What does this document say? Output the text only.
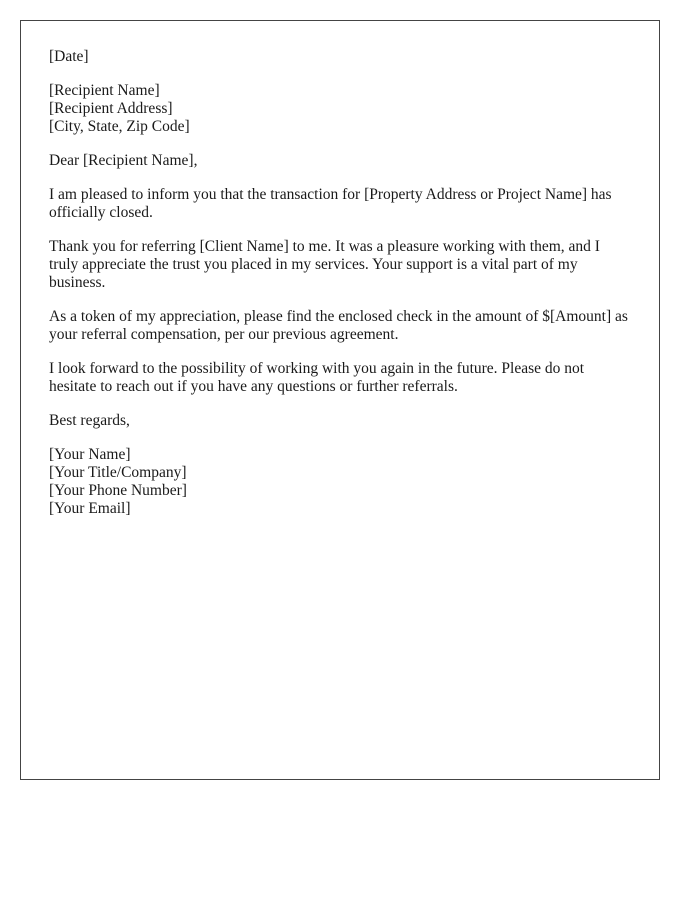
[Date]

[Recipient Name]
[Recipient Address]
[City, State, Zip Code]

Dear [Recipient Name],

I am pleased to inform you that the transaction for [Property Address or Project Name] has officially closed.

Thank you for referring [Client Name] to me. It was a pleasure working with them, and I truly appreciate the trust you placed in my services. Your support is a vital part of my business.

As a token of my appreciation, please find the enclosed check in the amount of $[Amount] as your referral compensation, per our previous agreement.

I look forward to the possibility of working with you again in the future. Please do not hesitate to reach out if you have any questions or further referrals.

Best regards,

[Your Name]
[Your Title/Company]
[Your Phone Number]
[Your Email]
